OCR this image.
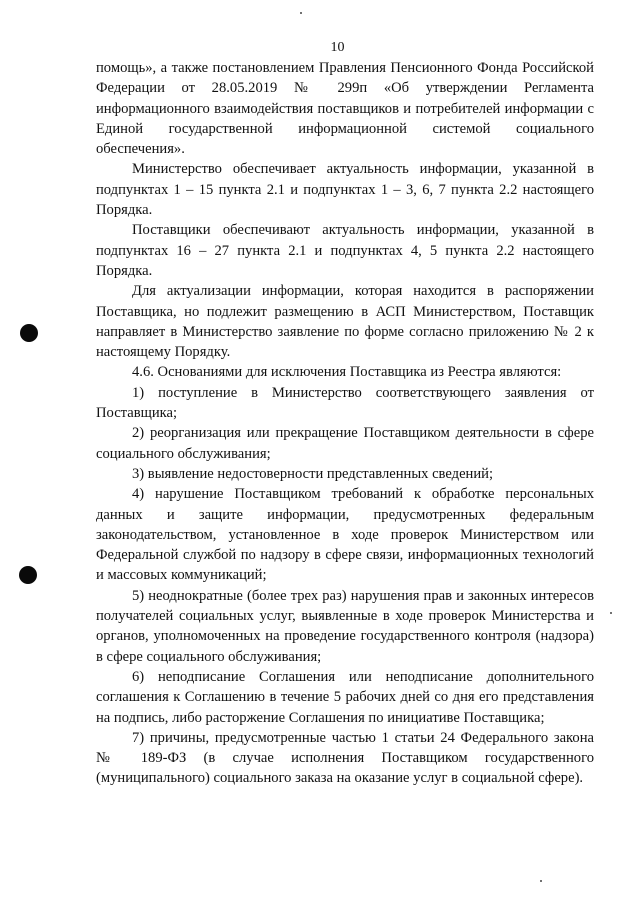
10

помощь», а также постановлением Правления Пенсионного Фонда Российской Федерации от 28.05.2019 № 299п «Об утверждении Регламента информационного взаимодействия поставщиков и потребителей информации с Единой государственной информационной системой социального обеспечения».

Министерство обеспечивает актуальность информации, указанной в подпунктах 1 – 15 пункта 2.1 и подпунктах 1 – 3, 6, 7 пункта 2.2 настоящего Порядка.

Поставщики обеспечивают актуальность информации, указанной в подпунктах 16 – 27 пункта 2.1 и подпунктах 4, 5 пункта 2.2 настоящего Порядка.

Для актуализации информации, которая находится в распоряжении Поставщика, но подлежит размещению в АСП Министерством, Поставщик направляет в Министерство заявление по форме согласно приложению № 2 к настоящему Порядку.

4.6. Основаниями для исключения Поставщика из Реестра являются:

1) поступление в Министерство соответствующего заявления от Поставщика;

2) реорганизация или прекращение Поставщиком деятельности в сфере социального обслуживания;

3) выявление недостоверности представленных сведений;

4) нарушение Поставщиком требований к обработке персональных данных и защите информации, предусмотренных федеральным законодательством, установленное в ходе проверок Министерством или Федеральной службой по надзору в сфере связи, информационных технологий и массовых коммуникаций;

5) неоднократные (более трех раз) нарушения прав и законных интересов получателей социальных услуг, выявленные в ходе проверок Министерства и органов, уполномоченных на проведение государственного контроля (надзора) в сфере социального обслуживания;

6) неподписание Соглашения или неподписание дополнительного соглашения к Соглашению в течение 5 рабочих дней со дня его представления на подпись, либо расторжение Соглашения по инициативе Поставщика;

7) причины, предусмотренные частью 1 статьи 24 Федерального закона № 189-ФЗ (в случае исполнения Поставщиком государственного (муниципального) социального заказа на оказание услуг в социальной сфере).
